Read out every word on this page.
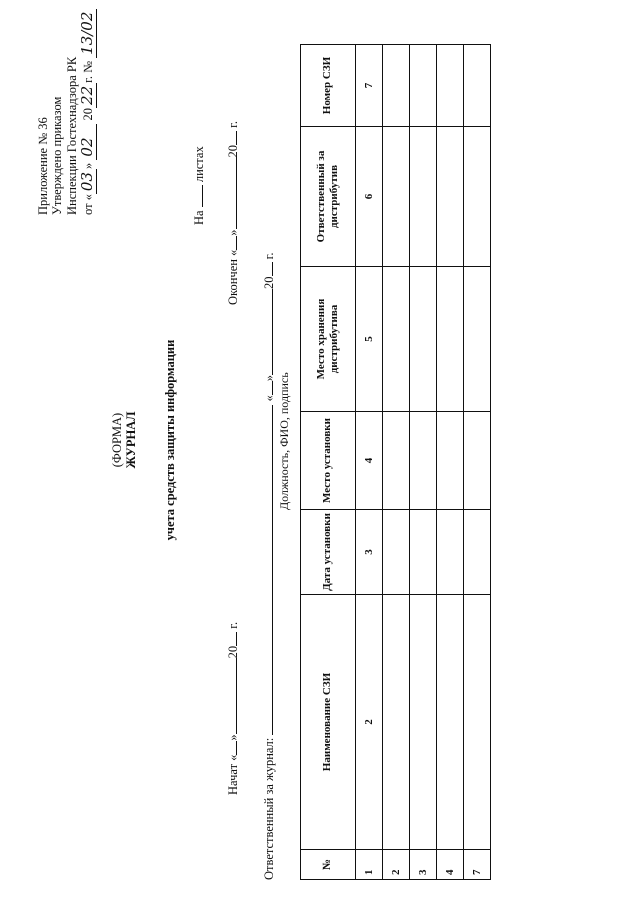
Приложение № 36 Утверждено приказом Инспекции Гостехнадзора РК от «03» 02 2022г. № 13/02
На  листах
(ФОРМА) ЖУРНАЛ учета средств защиты информации
Окончен «»20 г.
Начат «»20 г.
Ответственный за журнал:  «»20 г.
Должность, ФИО, подпись
№	Наименование СЗИ	Дата установки	Место установки	Место хранения дистрибутива	Ответственный за дистрибутив	Номер СЗИ
1	2	3	4	5	6	7
2						
3						
4						
7						
